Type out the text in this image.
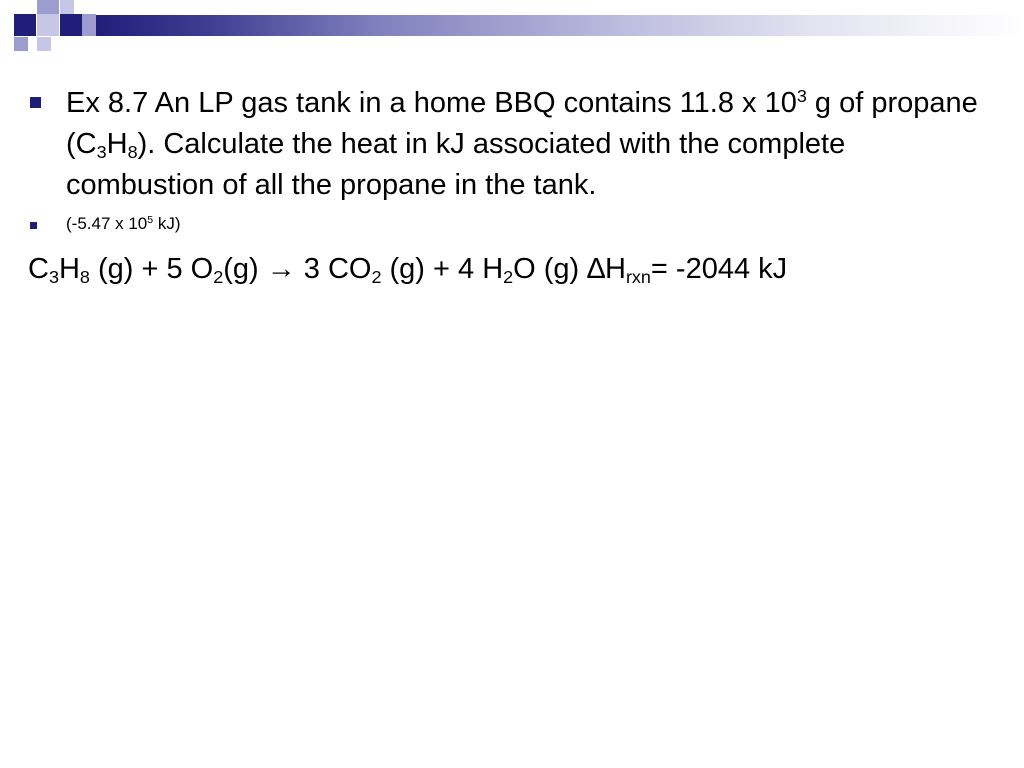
Ex 8.7 An LP gas tank in a home BBQ contains 11.8 x $10^3$ g of propane $(C_3H_8)$. Calculate the heat in kJ associated with the complete combustion of all the propane in the tank.
(-5.47 x $10^5$ kJ)
$C_3H_8$ (g) + 5 $O_2(g) \to 3$ $CO_2$ (g) + 4 $H_2O$ (g) $\Delta H_{rxn}= -2044$ kJ
